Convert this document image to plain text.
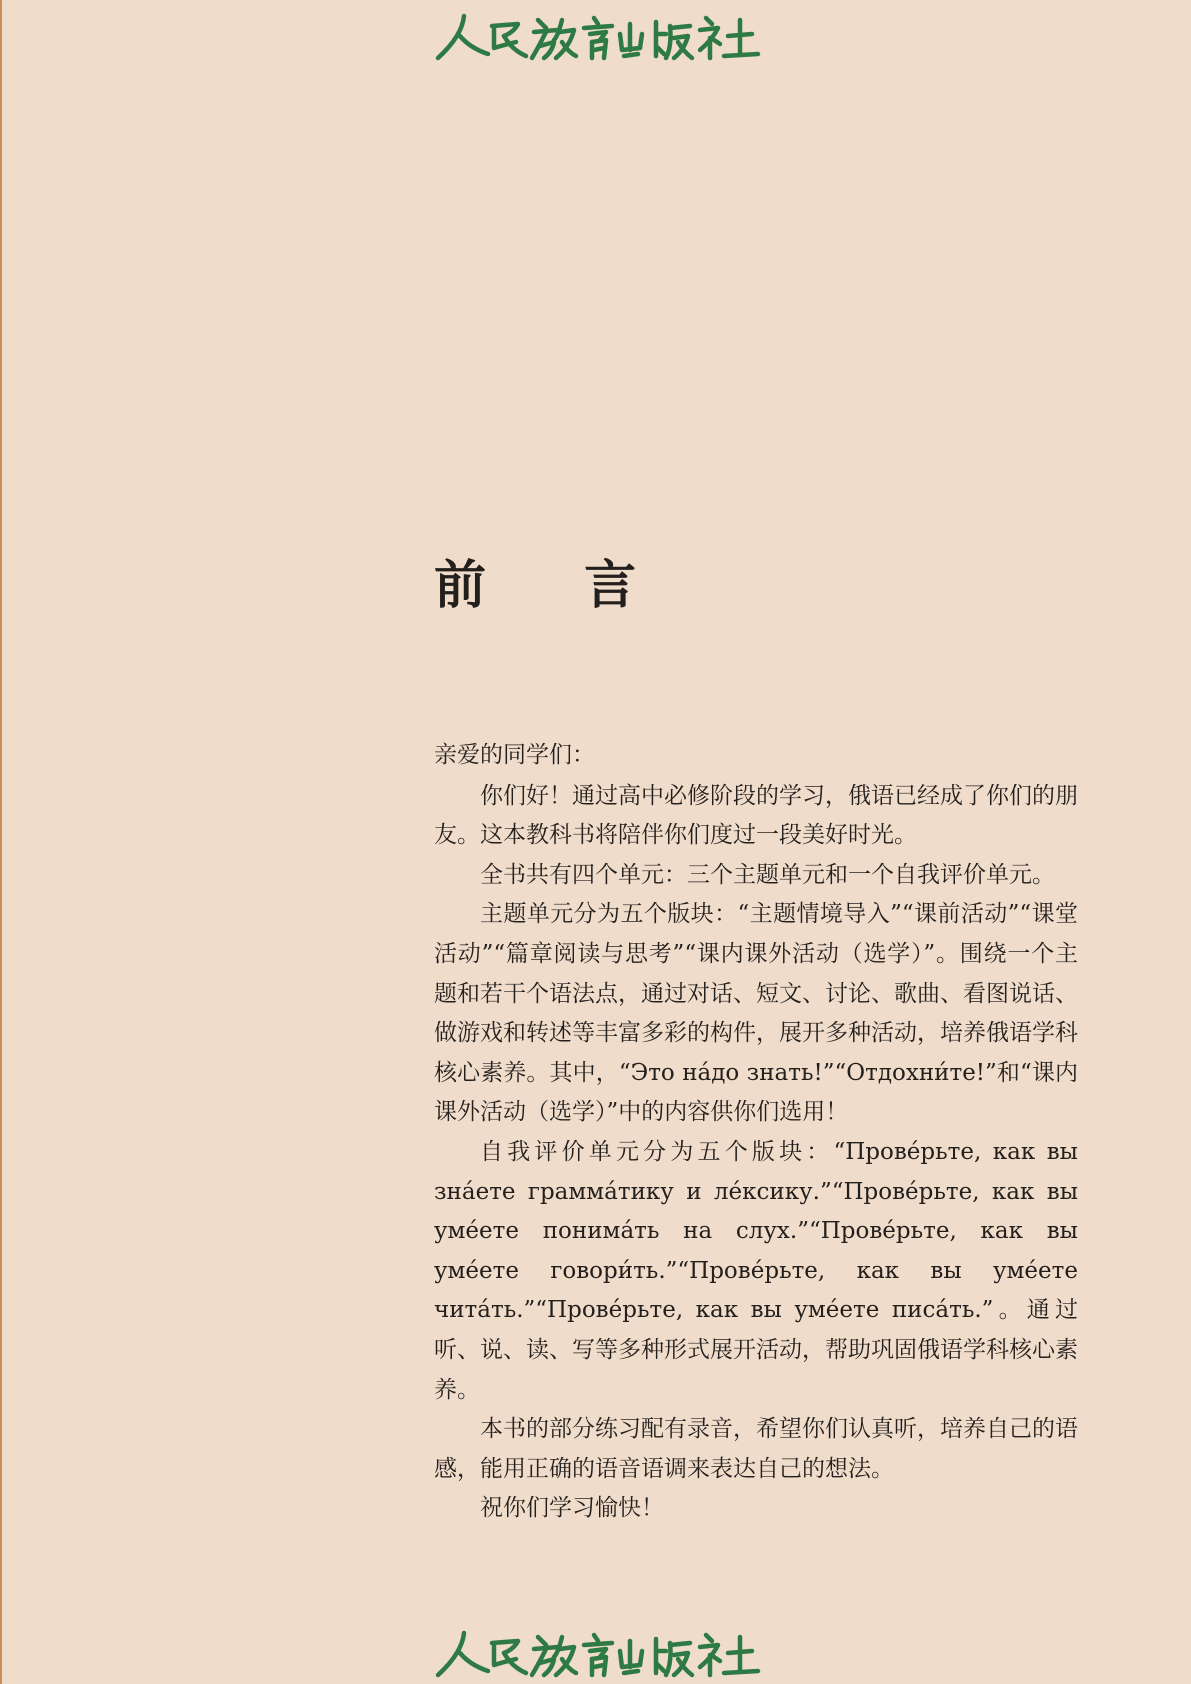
前 言

亲爱的同学们：

你们好！通过高中必修阶段的学习，俄语已经成了你们的朋友。这本教科书将陪伴你们度过一段美好时光。

全书共有四个单元：三个主题单元和一个自我评价单元。

主题单元分为五个版块：“主题情境导入”“课前活动”“课堂活动”“篇章阅读与思考”“课内课外活动（选学）”。围绕一个主题和若干个语法点，通过对话、短文、讨论、歌曲、看图说话、做游戏和转述等丰富多彩的构件，展开多种活动，培养俄语学科核心素养。其中，“Это на́до знать!”“Отдохни́те!”和“课内课外活动（选学）”中的内容供你们选用！

自我评价单元分为五个版块：“Прове́рьте, как вы зна́ете грамма́тику и ле́ксику.”“Прове́рьте, как вы уме́ете понима́ть на слух.”“Прове́рьте, как вы уме́ете говори́ть.”“Прове́рьте, как вы уме́ете чита́ть.”“Прове́рьте, как вы уме́ете писа́ть.”。通过听、说、读、写等多种形式展开活动，帮助巩固俄语学科核心素养。

本书的部分练习配有录音，希望你们认真听，培养自己的语感，能用正确的语音语调来表达自己的想法。

祝你们学习愉快！
